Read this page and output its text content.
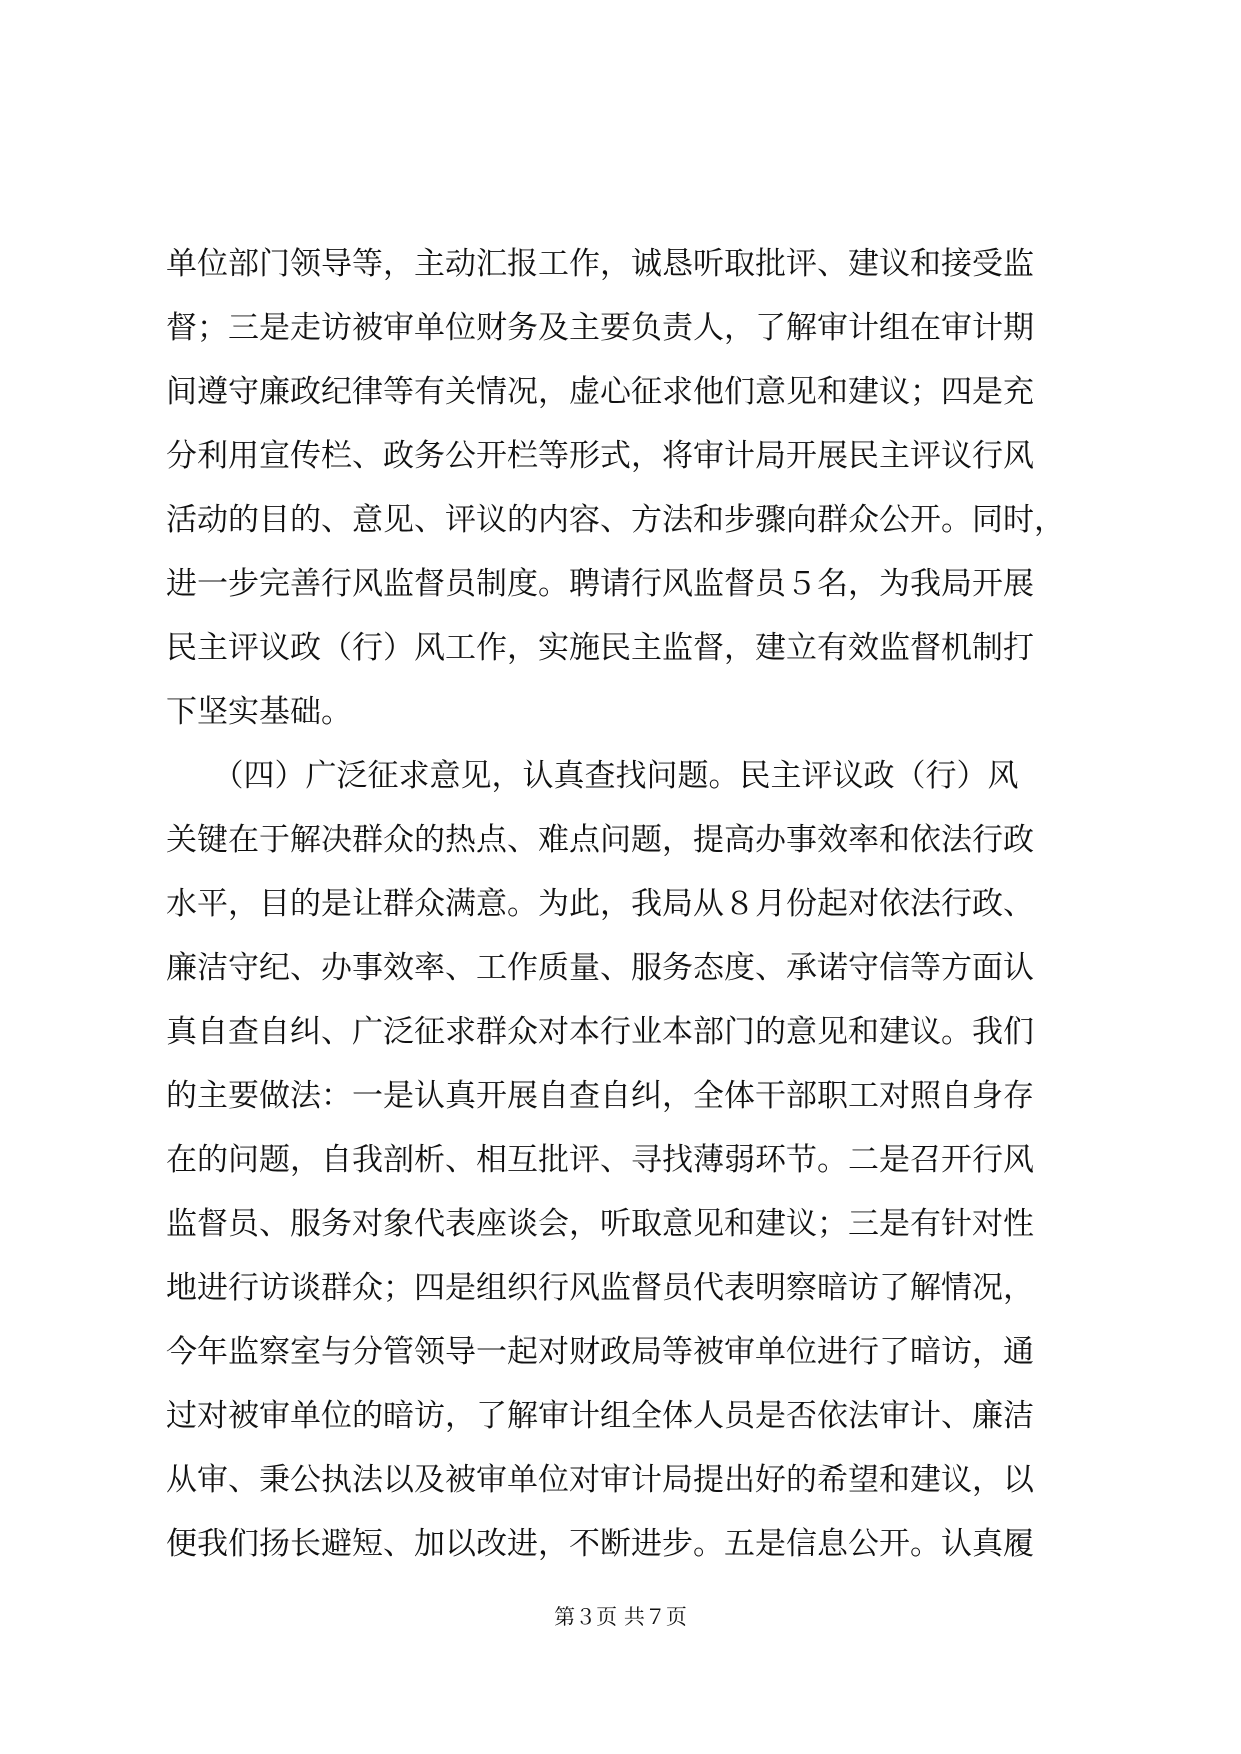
单位部门领导等，主动汇报工作，诚恳听取批评、建议和接受监
督；三是走访被审单位财务及主要负责人，了解审计组在审计期
间遵守廉政纪律等有关情况，虚心征求他们意见和建议；四是充
分利用宣传栏、政务公开栏等形式，将审计局开展民主评议行风
活动的目的、意见、评议的内容、方法和步骤向群众公开。同时，
进一步完善行风监督员制度。聘请行风监督员５名，为我局开展
民主评议政（行）风工作，实施民主监督，建立有效监督机制打
下坚实基础。
　　（四）广泛征求意见，认真查找问题。民主评议政（行）风
关键在于解决群众的热点、难点问题，提高办事效率和依法行政
水平，目的是让群众满意。为此，我局从８月份起对依法行政、
廉洁守纪、办事效率、工作质量、服务态度、承诺守信等方面认
真自查自纠、广泛征求群众对本行业本部门的意见和建议。我们
的主要做法：一是认真开展自查自纠，全体干部职工对照自身存
在的问题，自我剖析、相互批评、寻找薄弱环节。二是召开行风
监督员、服务对象代表座谈会，听取意见和建议；三是有针对性
地进行访谈群众；四是组织行风监督员代表明察暗访了解情况，
今年监察室与分管领导一起对财政局等被审单位进行了暗访，通
过对被审单位的暗访，了解审计组全体人员是否依法审计、廉洁
从审、秉公执法以及被审单位对审计局提出好的希望和建议，以
便我们扬长避短、加以改进，不断进步。五是信息公开。认真履
第３页 共７页
